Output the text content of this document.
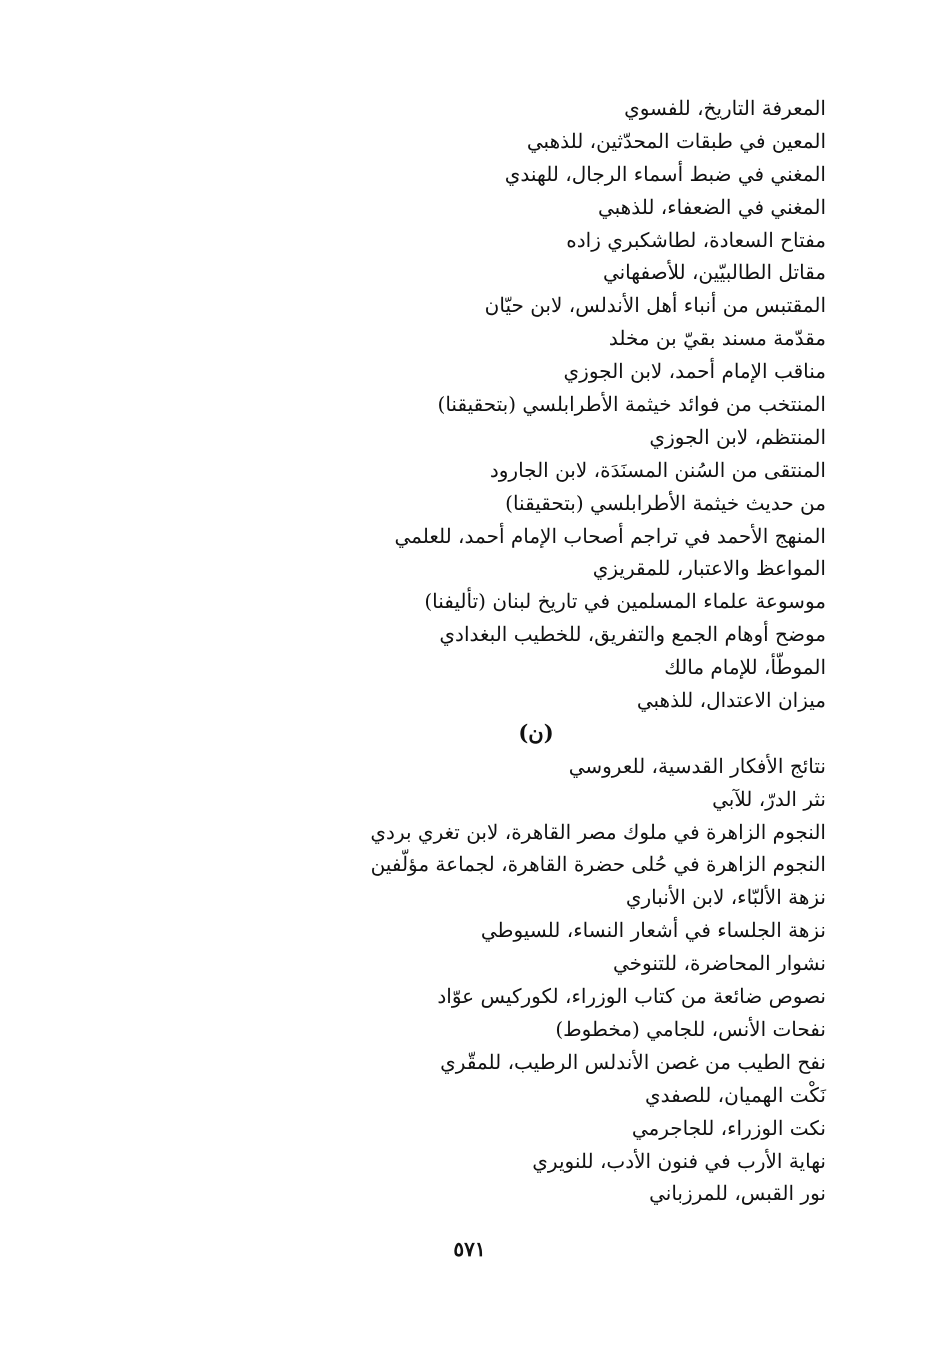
المعرفة التاريخ، للفسوي
المعين في طبقات المحدّثين، للذهبي
المغني في ضبط أسماء الرجال، للهندي
المغني في الضعفاء، للذهبي
مفتاح السعادة، لطاشكبري زاده
مقاتل الطالبيّين، للأصفهاني
المقتبس من أنباء أهل الأندلس، لابن حيّان
مقدّمة مسند بقيّ بن مخلد
مناقب الإمام أحمد، لابن الجوزي
المنتخب من فوائد خيثمة الأطرابلسي (بتحقيقنا)
المنتظم، لابن الجوزي
المنتقى من السُنن المسنَدَة، لابن الجارود
من حديث خيثمة الأطرابلسي (بتحقيقنا)
المنهج الأحمد في تراجم أصحاب الإمام أحمد، للعلمي
المواعظ والاعتبار، للمقريزي
موسوعة علماء المسلمين في تاريخ لبنان (تأليفنا)
موضح أوهام الجمع والتفريق، للخطيب البغدادي
الموطّأ، للإمام مالك
ميزان الاعتدال، للذهبي
(ن)
نتائج الأفكار القدسية، للعروسي
نثر الدرّ، للآبي
النجوم الزاهرة في ملوك مصر القاهرة، لابن تغري بردي
النجوم الزاهرة في حُلى حضرة القاهرة، لجماعة مؤلّفين
نزهة الألبّاء، لابن الأنباري
نزهة الجلساء في أشعار النساء، للسيوطي
نشوار المحاضرة، للتنوخي
نصوص ضائعة من كتاب الوزراء، لكوركيس عوّاد
نفحات الأنس، للجامي (مخطوط)
نفح الطيب من غصن الأندلس الرطيب، للمقّري
نَكْت الهميان، للصفدي
نكت الوزراء، للجاجرمي
نهاية الأرب في فنون الأدب، للنويري
نور القبس، للمرزباني
٥٧١
